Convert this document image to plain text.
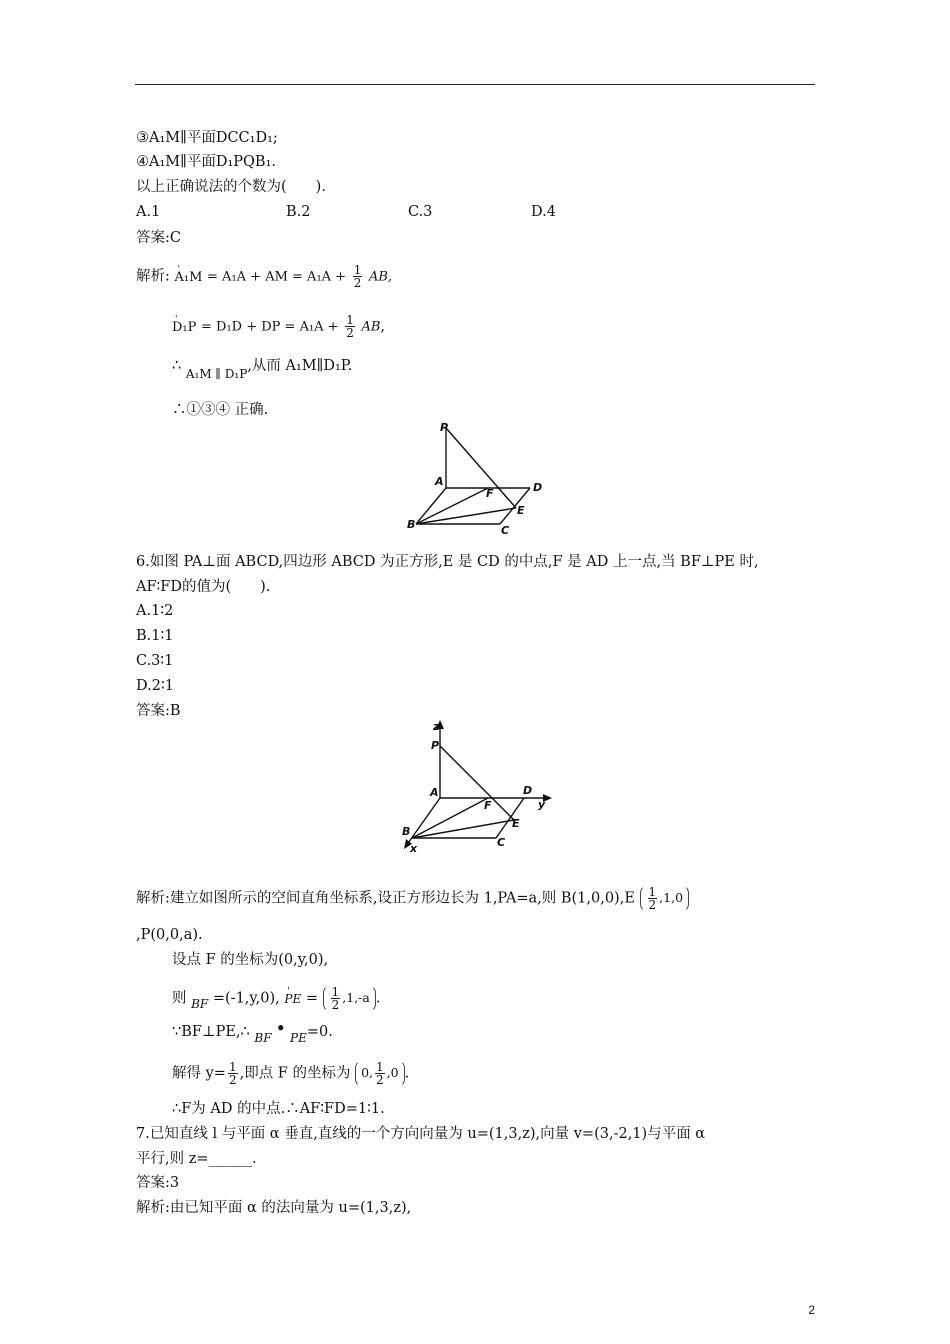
③A₁M∥平面DCC₁D₁;
④A₁M∥平面D₁PQB₁.
以上正确说法的个数为(　　).
A.1	B.2	C.3	D.4
答案:C
解析: ' A₁M = A₁A + AM = $A_1A + \frac{1}{2}$ AB,
' D₁P = D₁D + DP = $A_1A + \frac{1}{2}$ AB,
∴ $_{A_1M \parallel D_1P}$,从而 A₁M∥D₁P.
∴①③④ 正确.
P
A
F	D
E
B	C
6.如图 PA⊥面 ABCD,四边形 ABCD 为正方形,E 是 CD 的中点,F 是 AD 上一点,当 BF⊥PE 时,
AF∶FD的值为(　　).
A.1∶2
B.1∶1
C.3∶1
D.2∶1
答案:B
z
P
A
F
D
y
E
B
x	C
解析:建立如图所示的空间直角坐标系,设正方形边长为 1,PA=a,则 $B(1,0,0),E \frac{1}{2} ,1,0$
,P(0,0,a).
设点 F 的坐标为(0,y,0),
则 $_{BF}$ =(-1,y,0), ' PE = $\frac{1}{2} ,1,-a$ .
∵BF⊥PE,∴ $_{BF}$ • $_{PE}$=0.
解得 $y= \frac{1}{2}$ ,即点 F 的坐标为 0, $\frac{1}{2} ,0$ .
∴F为 AD 的中点.∴AF∶FD=1∶1.
7.已知直线 l 与平面 α 垂直,直线的一个方向向量为 u=(1,3,z),向量 v=(3,-2,1)与平面 α
平行,则 z=______.
答案:3
解析:由已知平面 α 的法向量为 u=(1,3,z),
2
